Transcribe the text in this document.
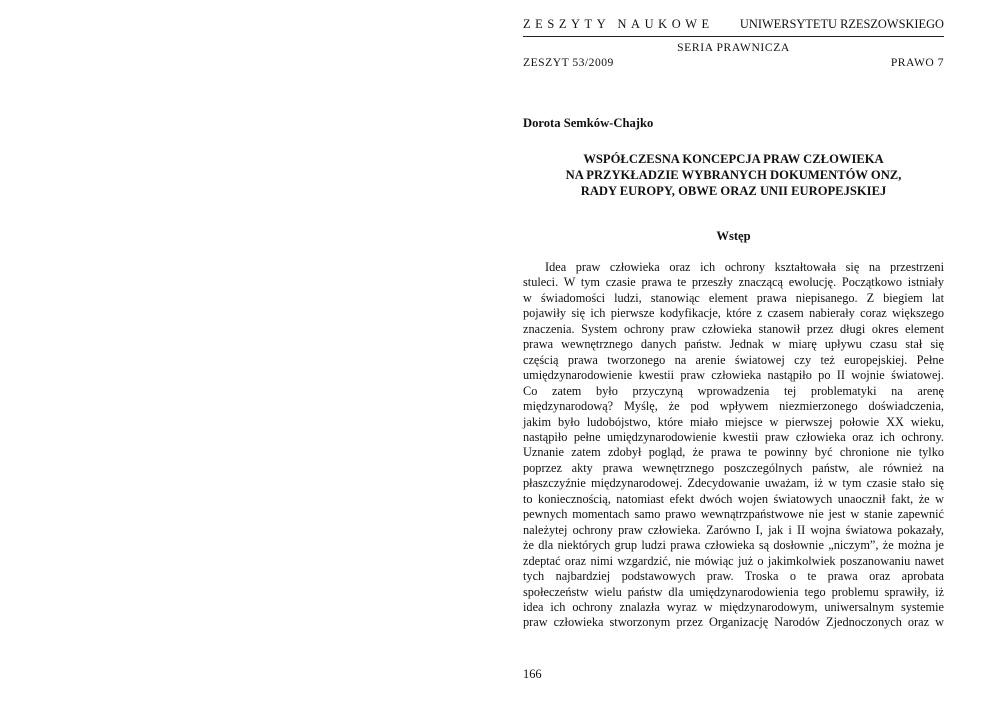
ZESZYTY NAUKOWE UNIWERSYTETU RZESZOWSKIEGO
SERIA PRAWNICZA
ZESZYT 53/2009	PRAWO 7
Dorota Semków-Chajko
WSPÓŁCZESNA KONCEPCJA PRAW CZŁOWIEKA
NA PRZYKŁADZIE WYBRANYCH DOKUMENTÓW ONZ,
RADY EUROPY, OBWE ORAZ UNII EUROPEJSKIEJ
Wstęp
Idea praw człowieka oraz ich ochrony kształtowała się na przestrzeni
stuleci. W tym czasie prawa te przeszły znaczącą ewolucję. Początkowo istniały
w świadomości ludzi, stanowiąc element prawa niepisanego. Z biegiem lat
pojawiły się ich pierwsze kodyfikacje, które z czasem nabierały coraz większego
znaczenia. System ochrony praw człowieka stanowił przez długi okres element
prawa wewnętrznego danych państw. Jednak w miarę upływu czasu stał się
częścią prawa tworzonego na arenie światowej czy też europejskiej. Pełne
umiędzynarodowienie kwestii praw człowieka nastąpiło po II wojnie światowej.
Co zatem było przyczyną wprowadzenia tej problematyki na arenę
międzynarodową? Myślę, że pod wpływem niezmierzonego doświadczenia,
jakim było ludobójstwo, które miało miejsce w pierwszej połowie XX wieku,
nastąpiło pełne umiędzynarodowienie kwestii praw człowieka oraz ich ochrony.
Uznanie zatem zdobył pogląd, że prawa te powinny być chronione nie tylko
poprzez akty prawa wewnętrznego poszczególnych państw, ale również na
płaszczyźnie międzynarodowej. Zdecydowanie uważam, iż w tym czasie stało się
to koniecznością, natomiast efekt dwóch wojen światowych unaocznił fakt, że w
pewnych momentach samo prawo wewnątrzpaństwowe nie jest w stanie zapewnić
należytej ochrony praw człowieka. Zarówno I, jak i II wojna światowa pokazały,
że dla niektórych grup ludzi prawa człowieka są dosłownie „niczym”, że można je
zdeptać oraz nimi wzgardzić, nie mówiąc już o jakimkolwiek poszanowaniu nawet
tych najbardziej podstawowych praw. Troska o te prawa oraz aprobata
społeczeństw wielu państw dla umiędzynarodowienia tego problemu sprawiły, iż
idea ich ochrony znalazła wyraz w międzynarodowym, uniwersalnym systemie
praw człowieka stworzonym przez Organizację Narodów Zjednoczonych oraz w
166
